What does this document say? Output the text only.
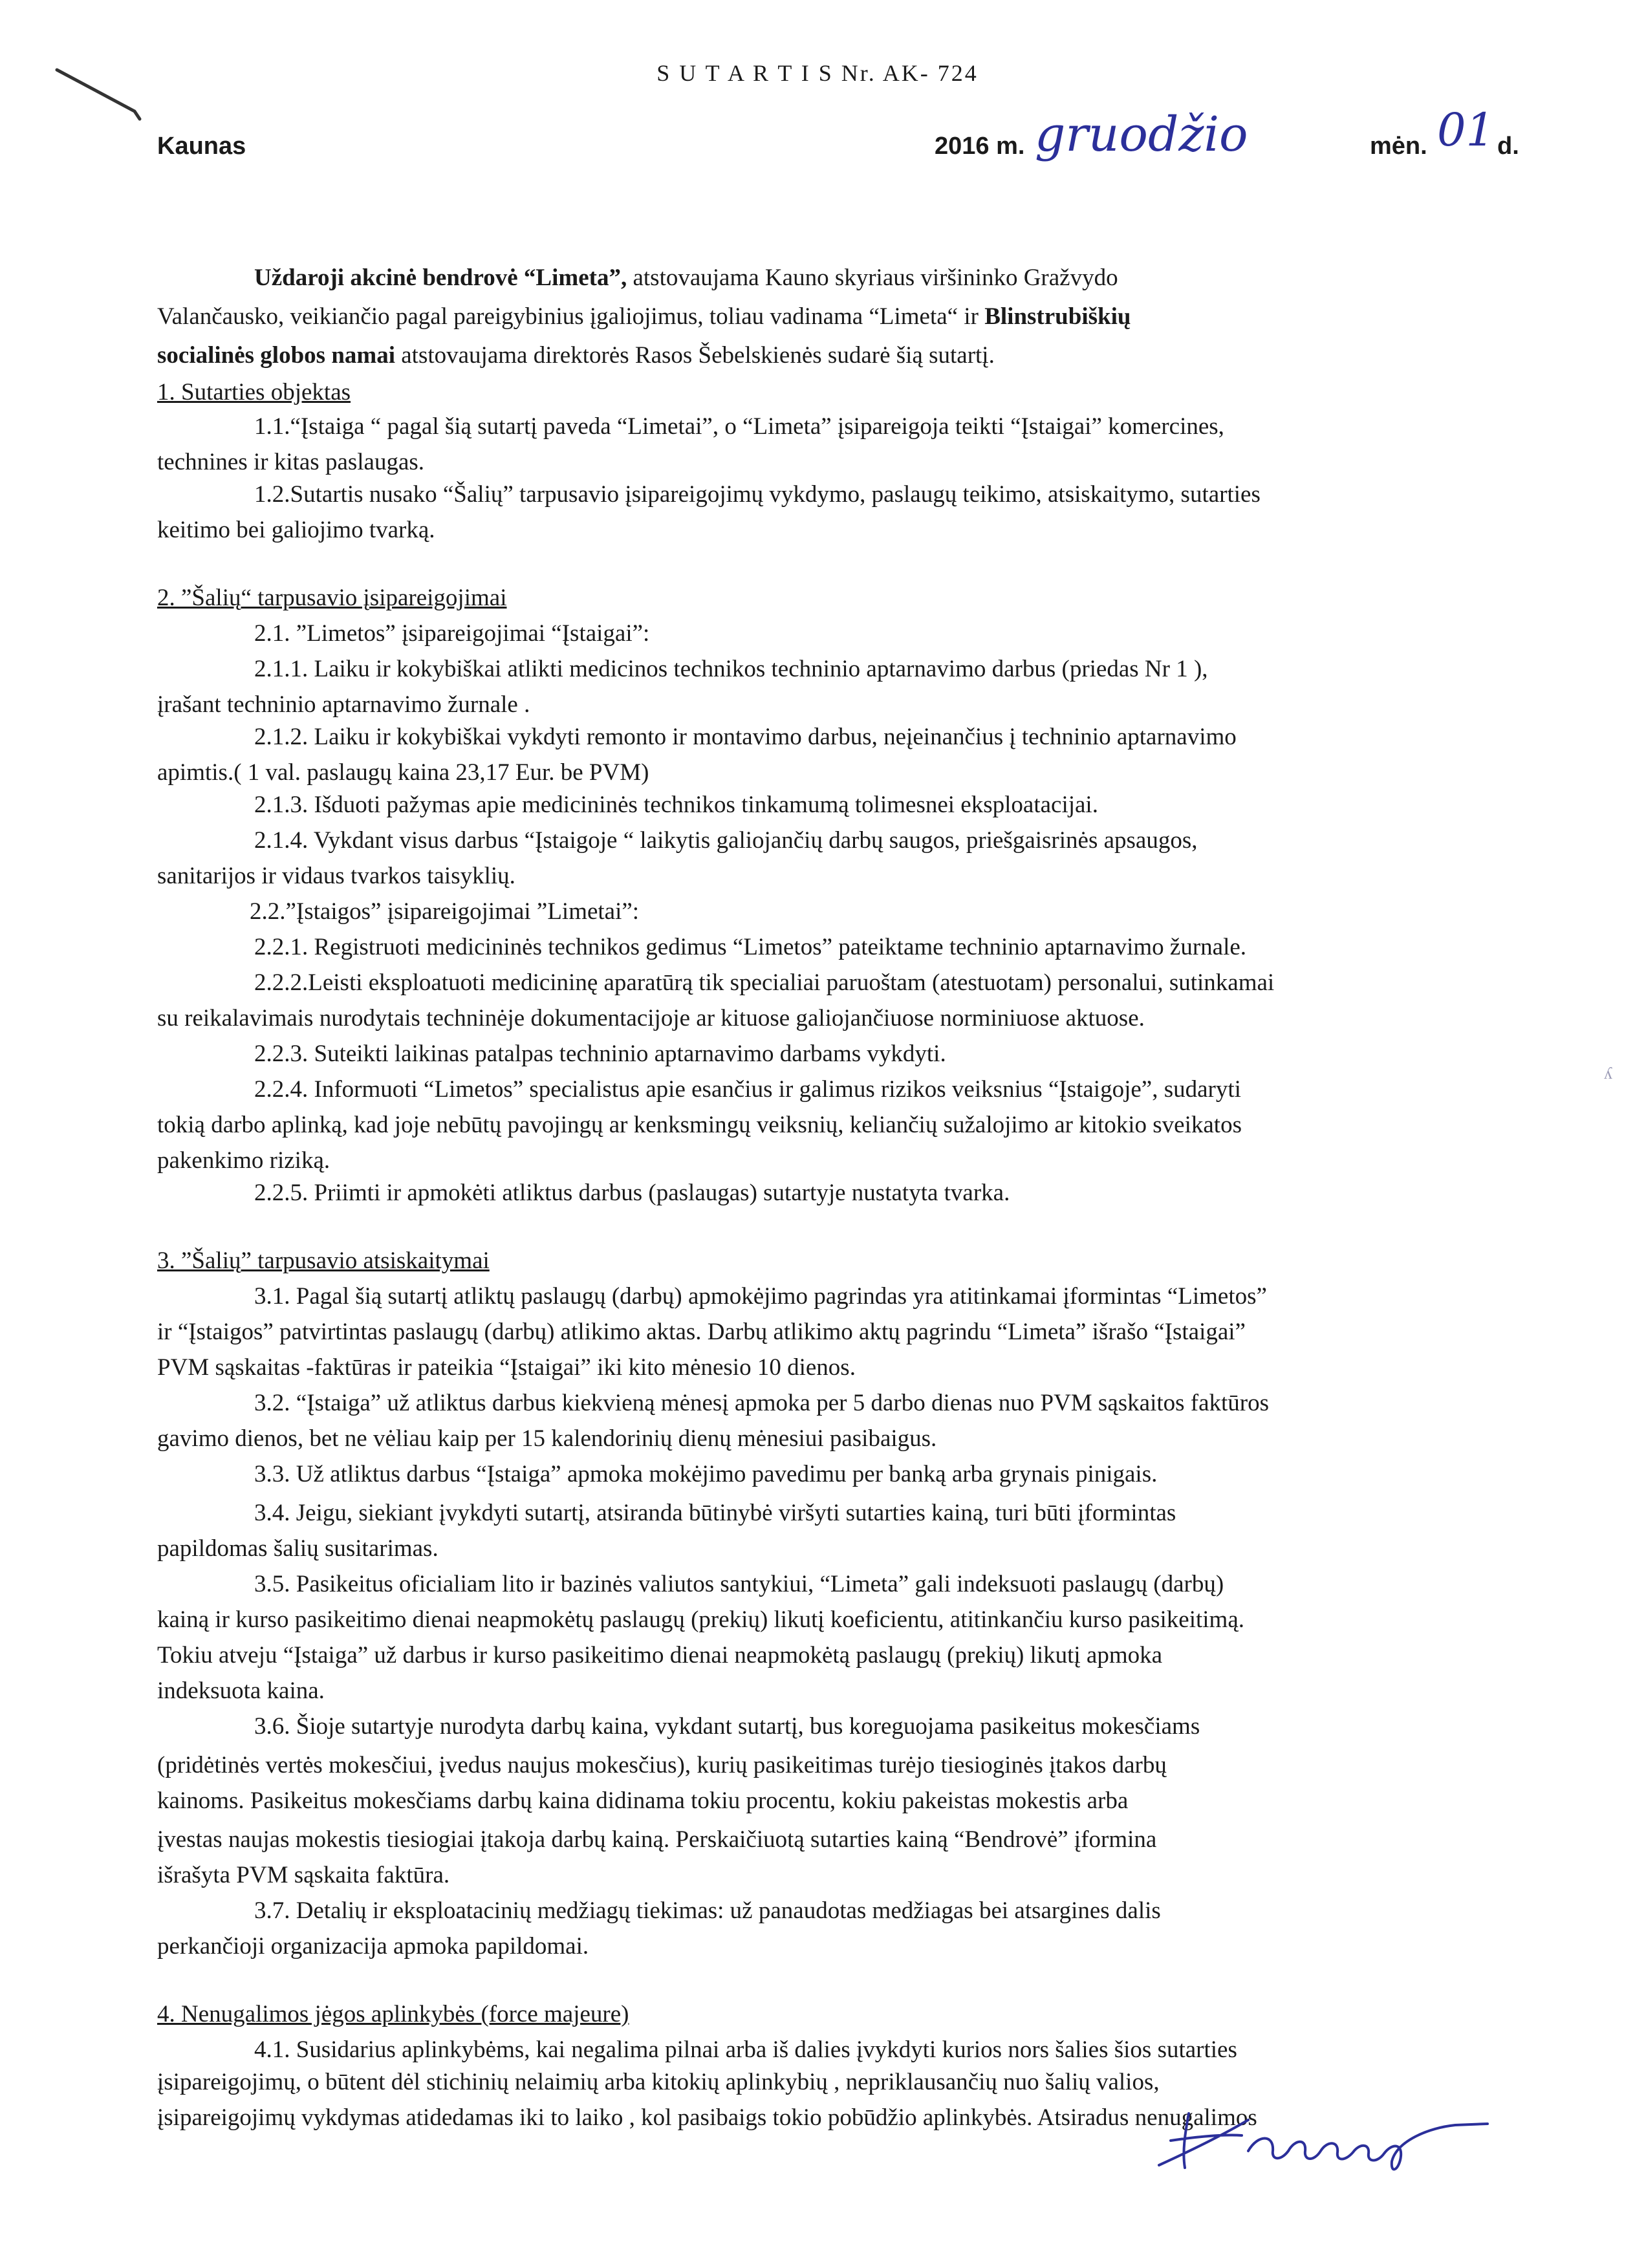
ʎ
S U T A R T I S Nr. AK- 724
Kaunas	2016 m. gruodžio	mėn. 01 d.
Uždaroji akcinė bendrovė “Limeta”, atstovaujama Kauno skyriaus viršininko Gražvydo
Valančausko, veikiančio pagal pareigybinius įgaliojimus, toliau vadinama “Limeta“ ir Blinstrubiškių
socialinės globos namai atstovaujama direktorės Rasos Šebelskienės sudarė šią sutartį.
1. Sutarties objektas
1.1.“Įstaiga “ pagal šią sutartį paveda “Limetai”, o “Limeta” įsipareigoja teikti “Įstaigai” komercines,
technines ir kitas paslaugas.
1.2.Sutartis nusako “Šalių” tarpusavio įsipareigojimų vykdymo, paslaugų teikimo, atsiskaitymo, sutarties
keitimo bei galiojimo tvarką.
2. ”Šalių“ tarpusavio įsipareigojimai
2.1. ”Limetos” įsipareigojimai “Įstaigai”:
2.1.1. Laiku ir kokybiškai atlikti medicinos technikos techninio aptarnavimo darbus (priedas Nr 1 ),
įrašant techninio aptarnavimo žurnale .
2.1.2. Laiku ir kokybiškai vykdyti remonto ir montavimo darbus, neįeinančius į techninio aptarnavimo
apimtis.( 1 val. paslaugų kaina 23,17 Eur. be PVM)
2.1.3. Išduoti pažymas apie medicininės technikos tinkamumą tolimesnei eksploatacijai.
2.1.4. Vykdant visus darbus “Įstaigoje “ laikytis galiojančių darbų saugos, priešgaisrinės apsaugos,
sanitarijos ir vidaus tvarkos taisyklių.
2.2.”Įstaigos” įsipareigojimai ”Limetai”:
2.2.1. Registruoti medicininės technikos gedimus “Limetos” pateiktame techninio aptarnavimo žurnale.
2.2.2.Leisti eksploatuoti medicininę aparatūrą tik specialiai paruoštam (atestuotam) personalui, sutinkamai
su reikalavimais nurodytais techninėje dokumentacijoje ar kituose galiojančiuose norminiuose aktuose.
2.2.3. Suteikti laikinas patalpas techninio aptarnavimo darbams vykdyti.
2.2.4. Informuoti “Limetos” specialistus apie esančius ir galimus rizikos veiksnius “Įstaigoje”, sudaryti
tokią darbo aplinką, kad joje nebūtų pavojingų ar kenksmingų veiksnių, keliančių sužalojimo ar kitokio sveikatos
pakenkimo riziką.
2.2.5. Priimti ir apmokėti atliktus darbus (paslaugas) sutartyje nustatyta tvarka.
3. ”Šalių” tarpusavio atsiskaitymai
3.1. Pagal šią sutartį atliktų paslaugų (darbų) apmokėjimo pagrindas yra atitinkamai įformintas “Limetos”
ir “Įstaigos” patvirtintas paslaugų (darbų) atlikimo aktas. Darbų atlikimo aktų pagrindu “Limeta” išrašo “Įstaigai”
PVM sąskaitas -faktūras ir pateikia “Įstaigai” iki kito mėnesio 10 dienos.
3.2. “Įstaiga” už atliktus darbus kiekvieną mėnesį apmoka per 5 darbo dienas nuo PVM sąskaitos faktūros
gavimo dienos, bet ne vėliau kaip per 15 kalendorinių dienų mėnesiui pasibaigus.
3.3. Už atliktus darbus “Įstaiga” apmoka mokėjimo pavedimu per banką arba grynais pinigais.
3.4. Jeigu, siekiant įvykdyti sutartį, atsiranda būtinybė viršyti sutarties kainą, turi būti įformintas
papildomas šalių susitarimas.
3.5. Pasikeitus oficialiam lito ir bazinės valiutos santykiui, “Limeta” gali indeksuoti paslaugų (darbų)
kainą ir kurso pasikeitimo dienai neapmokėtų paslaugų (prekių) likutį koeficientu, atitinkančiu kurso pasikeitimą.
Tokiu atveju “Įstaiga” už darbus ir kurso pasikeitimo dienai neapmokėtą paslaugų (prekių) likutį apmoka
indeksuota kaina.
3.6. Šioje sutartyje nurodyta darbų kaina, vykdant sutartį, bus koreguojama pasikeitus mokesčiams
(pridėtinės vertės mokesčiui, įvedus naujus mokesčius), kurių pasikeitimas turėjo tiesioginės įtakos darbų
kainoms. Pasikeitus mokesčiams darbų kaina didinama tokiu procentu, kokiu pakeistas mokestis arba
įvestas naujas mokestis tiesiogiai įtakoja darbų kainą. Perskaičiuotą sutarties kainą “Bendrovė” įformina
išrašyta PVM sąskaita faktūra.
3.7. Detalių ir eksploatacinių medžiagų tiekimas: už panaudotas medžiagas bei atsargines dalis
perkančioji organizacija apmoka papildomai.
4. Nenugalimos jėgos aplinkybės (force majeure)
4.1. Susidarius aplinkybėms, kai negalima pilnai arba iš dalies įvykdyti kurios nors šalies šios sutarties
įsipareigojimų, o būtent dėl stichinių nelaimių arba kitokių aplinkybių , nepriklausančių nuo šalių valios,
įsipareigojimų vykdymas atidedamas iki to laiko , kol pasibaigs tokio pobūdžio aplinkybės. Atsiradus nenugalimos
